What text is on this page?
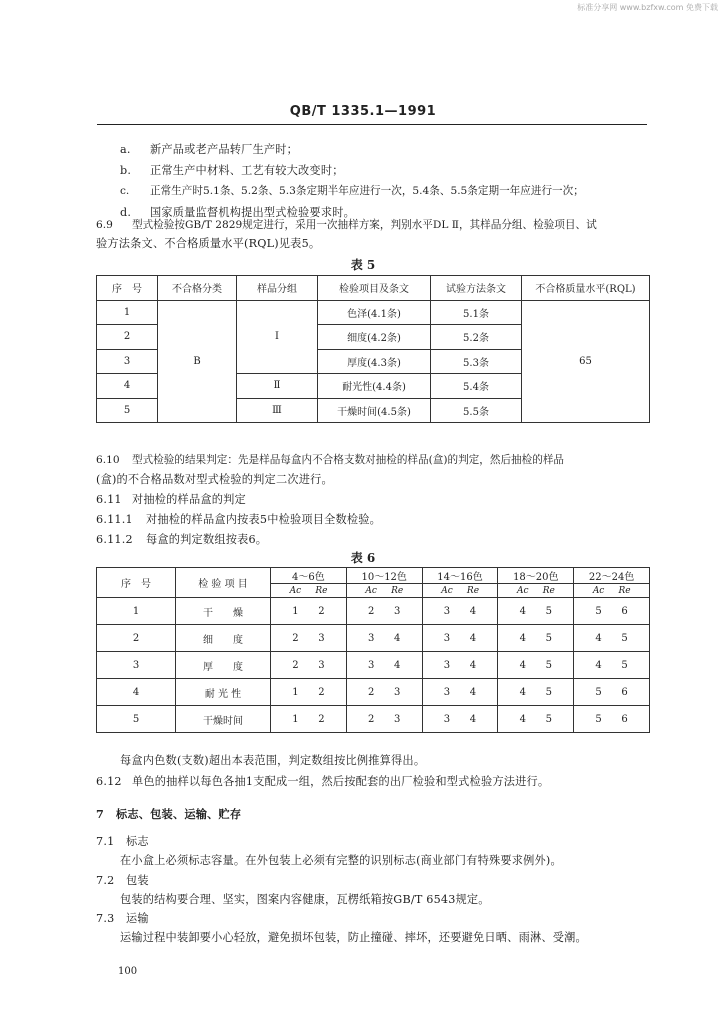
标准分享网 www.bzfxw.com 免费下载
QB/T 1335.1—1991
a. 新产品或老产品转厂生产时；
b. 正常生产中材料、工艺有较大改变时；
c. 正常生产时5.1条、5.2条、5.3条定期半年应进行一次，5.4条、5.5条定期一年应进行一次；
d. 国家质量监督机构提出型式检验要求时。
6.9 型式检验按GB/T 2829规定进行，采用一次抽样方案，判别水平DL Ⅱ，其样品分组、检验项目、试
验方法条文、不合格质量水平(RQL)见表5。
表 5
序　号	不合格分类	样品分组	检验项目及条文	试验方法条文	不合格质量水平(RQL)
1	B	Ⅰ	色泽(4.1条)	5.1条	65
2			细度(4.2条)	5.2条	
3			厚度(4.3条)	5.3条	
4		Ⅱ	耐光性(4.4条)	5.4条	
5		Ⅲ	干燥时间(4.5条)	5.5条	
6.10 型式检验的结果判定：先是样品每盒内不合格支数对抽检的样品(盒)的判定，然后抽检的样品
(盒)的不合格品数对型式检验的判定二次进行。
6.11 对抽检的样品盒的判定
6.11.1 对抽检的样品盒内按表5中检验项目全数检验。
6.11.2 每盒的判定数组按表6。
表 6
序　号	检 验 项 目	4～6色	10～12色	14～16色	18～20色	22～24色
		Ac Re	Ac Re	Ac Re	Ac Re	Ac Re
1	干　　燥	1 2	2 3	3 4	4 5	5 6
2	细　　度	2 3	3 4	3 4	4 5	4 5
3	厚　　度	2 3	3 4	3 4	4 5	4 5
4	耐 光 性	1 2	2 3	3 4	4 5	5 6
5	干燥时间	1 2	2 3	3 4	4 5	5 6
每盒内色数(支数)超出本表范围，判定数组按比例推算得出。
6.12 单色的抽样以每色各抽1支配成一组，然后按配套的出厂检验和型式检验方法进行。
7 标志、包装、运输、贮存
7.1 标志
在小盒上必须标志容量。在外包装上必须有完整的识别标志(商业部门有特殊要求例外)。
7.2 包装
包装的结构要合理、坚实，图案内容健康，瓦楞纸箱按GB/T 6543规定。
7.3 运输
运输过程中装卸要小心轻放，避免损坏包装，防止撞碰、摔坏，还要避免日晒、雨淋、受潮。
100
